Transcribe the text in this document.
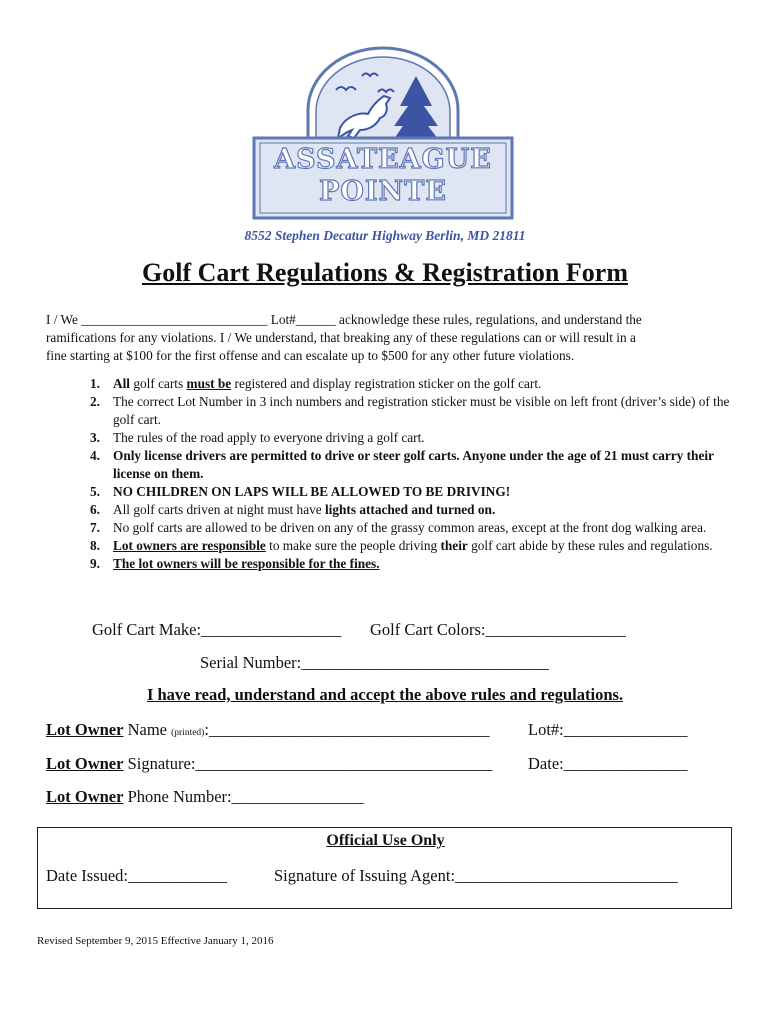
ASSATEAGUE
POINTE
8552 Stephen Decatur Highway Berlin, MD 21811
Golf Cart Regulations & Registration Form
I / We ____________________________ Lot#______ acknowledge these rules, regulations, and understand the
ramifications for any violations. I / We understand, that breaking any of these regulations can or will result in a
fine starting at $100 for the first offense and can escalate up to $500 for any other future violations.
1. All golf carts must be registered and display registration sticker on the golf cart.
2. The correct Lot Number in 3 inch numbers and registration sticker must be visible on left front (driver’s side) of the golf cart.
3. The rules of the road apply to everyone driving a golf cart.
4. Only license drivers are permitted to drive or steer golf carts. Anyone under the age of 21 must carry their license on them.
5. NO CHILDREN ON LAPS WILL BE ALLOWED TO BE DRIVING!
6. All golf carts driven at night must have lights attached and turned on.
7. No golf carts are allowed to be driven on any of the grassy common areas, except at the front dog walking area.
8. Lot owners are responsible to make sure the people driving their golf cart abide by these rules and regulations.
9. The lot owners will be responsible for the fines.
Golf Cart Make:_________________ Golf Cart Colors:_________________
Serial Number:______________________________
I have read, understand and accept the above rules and regulations.
Lot Owner Name (printed):__________________________________ Lot#:_______________
Lot Owner Signature:____________________________________ Date:_______________
Lot Owner Phone Number:________________
Official Use Only
Date Issued:____________	Signature of Issuing Agent:___________________________
Revised September 9, 2015 Effective January 1, 2016
